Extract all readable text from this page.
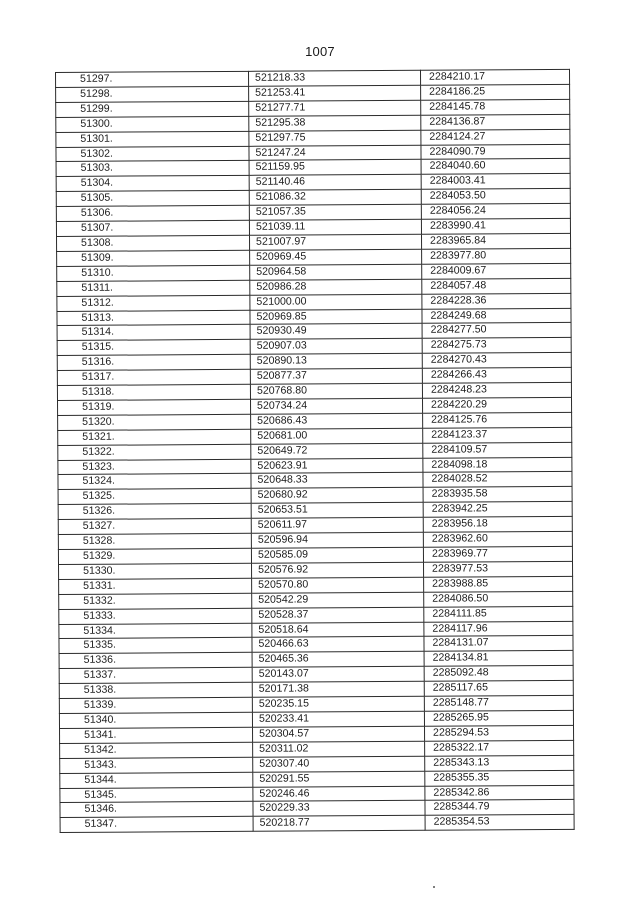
1007
51297.	521218.33	2284210.17
51298.	521253.41	2284186.25
51299.	521277.71	2284145.78
51300.	521295.38	2284136.87
51301.	521297.75	2284124.27
51302.	521247.24	2284090.79
51303.	521159.95	2284040.60
51304.	521140.46	2284003.41
51305.	521086.32	2284053.50
51306.	521057.35	2284056.24
51307.	521039.11	2283990.41
51308.	521007.97	2283965.84
51309.	520969.45	2283977.80
51310.	520964.58	2284009.67
51311.	520986.28	2284057.48
51312.	521000.00	2284228.36
51313.	520969.85	2284249.68
51314.	520930.49	2284277.50
51315.	520907.03	2284275.73
51316.	520890.13	2284270.43
51317.	520877.37	2284266.43
51318.	520768.80	2284248.23
51319.	520734.24	2284220.29
51320.	520686.43	2284125.76
51321.	520681.00	2284123.37
51322.	520649.72	2284109.57
51323.	520623.91	2284098.18
51324.	520648.33	2284028.52
51325.	520680.92	2283935.58
51326.	520653.51	2283942.25
51327.	520611.97	2283956.18
51328.	520596.94	2283962.60
51329.	520585.09	2283969.77
51330.	520576.92	2283977.53
51331.	520570.80	2283988.85
51332.	520542.29	2284086.50
51333.	520528.37	2284111.85
51334.	520518.64	2284117.96
51335.	520466.63	2284131.07
51336.	520465.36	2284134.81
51337.	520143.07	2285092.48
51338.	520171.38	2285117.65
51339.	520235.15	2285148.77
51340.	520233.41	2285265.95
51341.	520304.57	2285294.53
51342.	520311.02	2285322.17
51343.	520307.40	2285343.13
51344.	520291.55	2285355.35
51345.	520246.46	2285342.86
51346.	520229.33	2285344.79
51347.	520218.77	2285354.53
